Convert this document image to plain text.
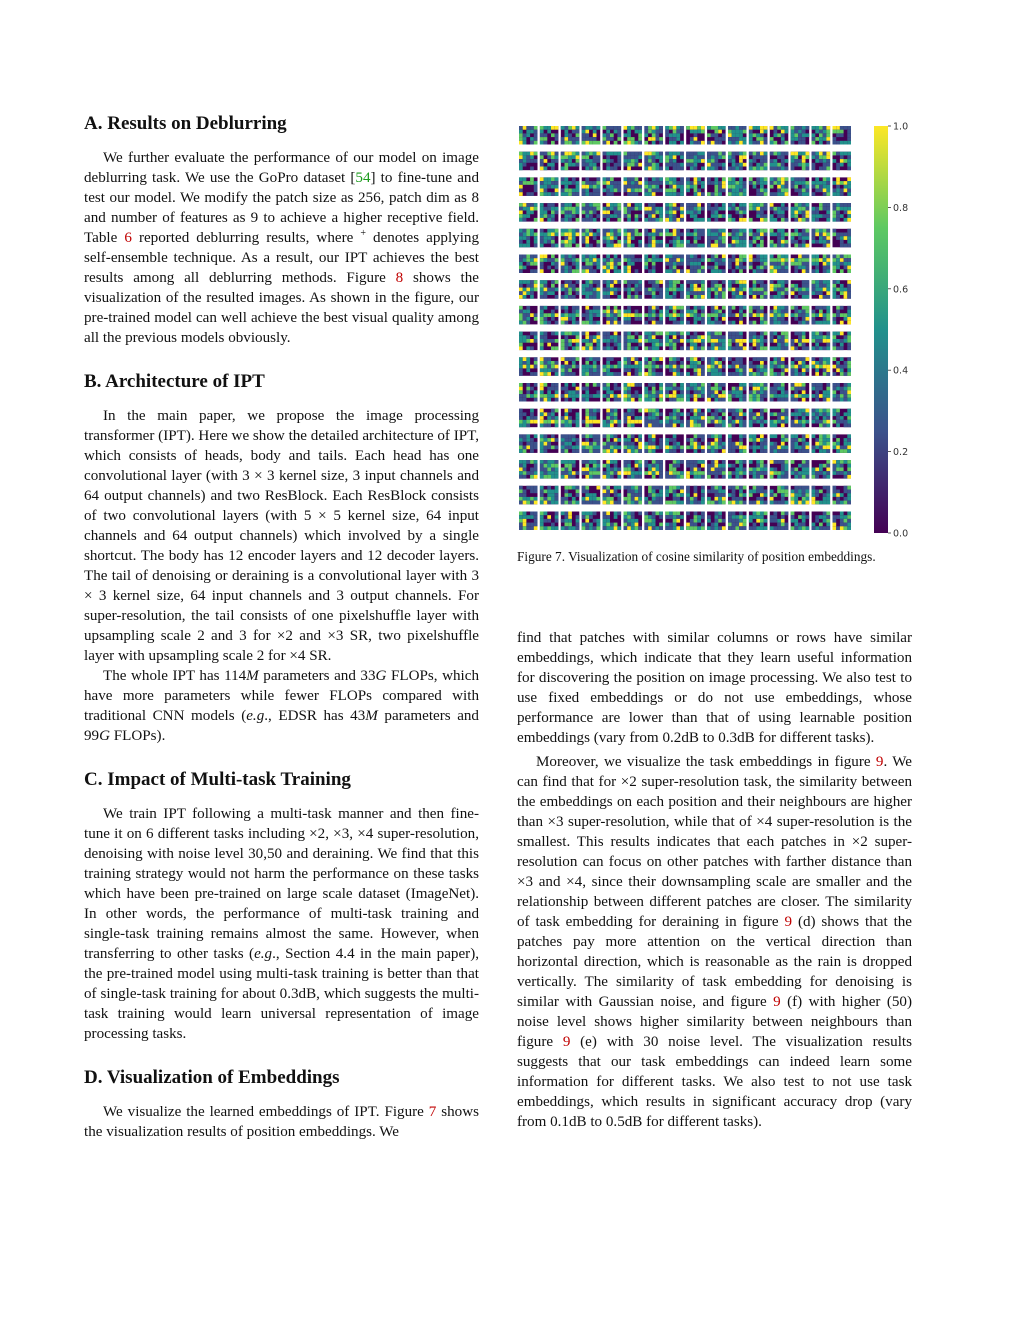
A. Results on Deblurring

We further evaluate the performance of our model on image deblurring task. We use the GoPro dataset [54] to fine-tune and test our model. We modify the patch size as 256, patch dim as 8 and number of features as 9 to achieve a higher receptive field. Table 6 reported deblurring results, where + denotes applying self-ensemble technique. As a result, our IPT achieves the best results among all deblurring methods. Figure 8 shows the visualization of the resulted images. As shown in the figure, our pre-trained model can well achieve the best visual quality among all the previous models obviously.

B. Architecture of IPT

In the main paper, we propose the image processing transformer (IPT). Here we show the detailed architecture of IPT, which consists of heads, body and tails. Each head has one convolutional layer (with 3 × 3 kernel size, 3 input channels and 64 output channels) and two ResBlock. Each ResBlock consists of two convolutional layers (with 5 × 5 kernel size, 64 input channels and 64 output channels) which involved by a single shortcut. The body has 12 encoder layers and 12 decoder layers. The tail of denoising or deraining is a convolutional layer with 3 × 3 kernel size, 64 input channels and 3 output channels. For super-resolution, the tail consists of one pixelshuffle layer with upsampling scale 2 and 3 for ×2 and ×3 SR, two pixelshuffle layer with upsampling scale 2 for ×4 SR.

The whole IPT has 114M parameters and 33G FLOPs, which have more parameters while fewer FLOPs compared with traditional CNN models (e.g., EDSR has 43M parameters and 99G FLOPs).

C. Impact of Multi-task Training

We train IPT following a multi-task manner and then fine-tune it on 6 different tasks including ×2, ×3, ×4 super-resolution, denoising with noise level 30,50 and deraining. We find that this training strategy would not harm the performance on these tasks which have been pre-trained on large scale dataset (ImageNet). In other words, the performance of multi-task training and single-task training remains almost the same. However, when transferring to other tasks (e.g., Section 4.4 in the main paper), the pre-trained model using multi-task training is better than that of single-task training for about 0.3dB, which suggests the multi-task training would learn universal representation of image processing tasks.

D. Visualization of Embeddings

We visualize the learned embeddings of IPT. Figure 7 shows the visualization results of position embeddings. We

1.0
0.8
0.6
0.4
0.2
0.0
Figure 7. Visualization of cosine similarity of position embeddings.

find that patches with similar columns or rows have similar embeddings, which indicate that they learn useful information for discovering the position on image processing. We also test to use fixed embeddings or do not use embeddings, whose performance are lower than that of using learnable position embeddings (vary from 0.2dB to 0.3dB for different tasks).

Moreover, we visualize the task embeddings in figure 9. We can find that for ×2 super-resolution task, the similarity between the embeddings on each position and their neighbours are higher than ×3 super-resolution, while that of ×4 super-resolution is the smallest. This results indicates that each patches in ×2 super-resolution can focus on other patches with farther distance than ×3 and ×4, since their downsampling scale are smaller and the relationship between different patches are closer. The similarity of task embedding for deraining in figure 9 (d) shows that the patches pay more attention on the vertical direction than horizontal direction, which is reasonable as the rain is dropped vertically. The similarity of task embedding for denoising is similar with Gaussian noise, and figure 9 (f) with higher (50) noise level shows higher similarity between neighbours than figure 9 (e) with 30 noise level. The visualization results suggests that our task embeddings can indeed learn some information for different tasks. We also test to not use task embeddings, which results in significant accuracy drop (vary from 0.1dB to 0.5dB for different tasks).
